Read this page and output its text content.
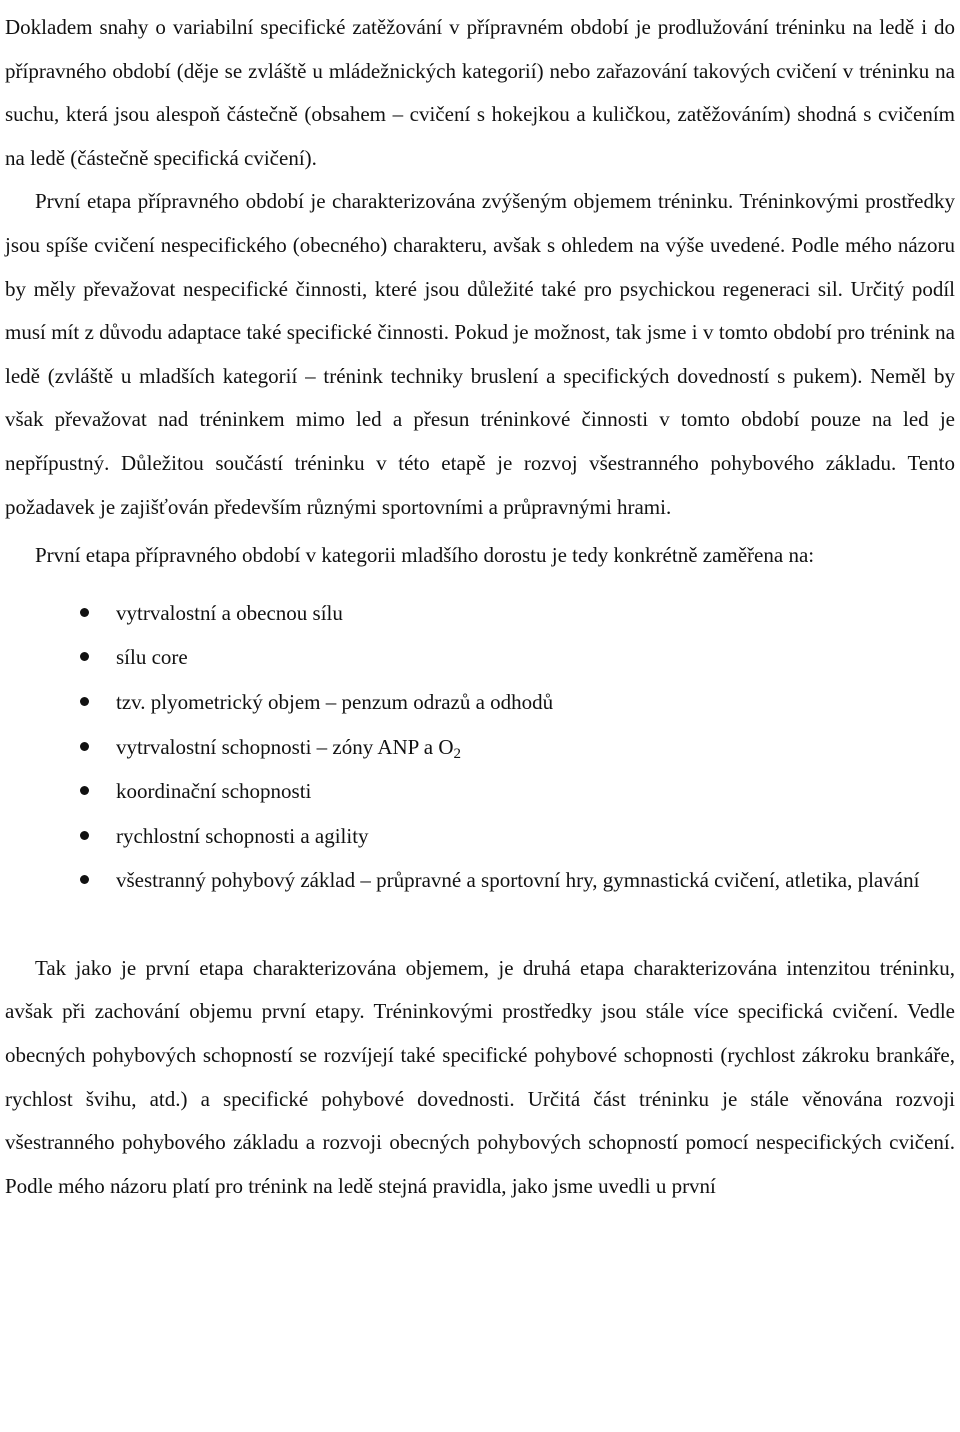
Dokladem snahy o variabilní specifické zatěžování v přípravném období je prodlužování tréninku na ledě i do přípravného období (děje se zvláště u mládežnických kategorií) nebo zařazování takových cvičení v tréninku na suchu, která jsou alespoň částečně (obsahem – cvičení s hokejkou a kuličkou, zatěžováním) shodná s cvičením na ledě (částečně specifická cvičení).

První etapa přípravného období je charakterizována zvýšeným objemem tréninku. Tréninkovými prostředky jsou spíše cvičení nespecifického (obecného) charakteru, avšak s ohledem na výše uvedené. Podle mého názoru by měly převažovat nespecifické činnosti, které jsou důležité také pro psychickou regeneraci sil. Určitý podíl musí mít z důvodu adaptace také specifické činnosti. Pokud je možnost, tak jsme i v tomto období pro trénink na ledě (zvláště u mladších kategorií – trénink techniky bruslení a specifických dovedností s pukem). Neměl by však převažovat nad tréninkem mimo led a přesun tréninkové činnosti v tomto období pouze na led je nepřípustný. Důležitou součástí tréninku v této etapě je rozvoj všestranného pohybového základu. Tento požadavek je zajišťován především různými sportovními a průpravnými hrami.

První etapa přípravného období v kategorii mladšího dorostu je tedy konkrétně zaměřena na:

vytrvalostní a obecnou sílu
sílu core
tzv. plyometrický objem – penzum odrazů a odhodů
vytrvalostní schopnosti – zóny ANP a $O_2$
koordinační schopnosti
rychlostní schopnosti a agility
všestranný pohybový základ – průpravné a sportovní hry, gymnastická cvičení, atletika, plavání

Tak jako je první etapa charakterizována objemem, je druhá etapa charakterizována intenzitou tréninku, avšak při zachování objemu první etapy. Tréninkovými prostředky jsou stále více specifická cvičení. Vedle obecných pohybových schopností se rozvíjejí také specifické pohybové schopnosti (rychlost zákroku brankáře, rychlost švihu, atd.) a specifické pohybové dovednosti. Určitá část tréninku je stále věnována rozvoji všestranného pohybového základu a rozvoji obecných pohybových schopností pomocí nespecifických cvičení. Podle mého názoru platí pro trénink na ledě stejná pravidla, jako jsme uvedli u první
